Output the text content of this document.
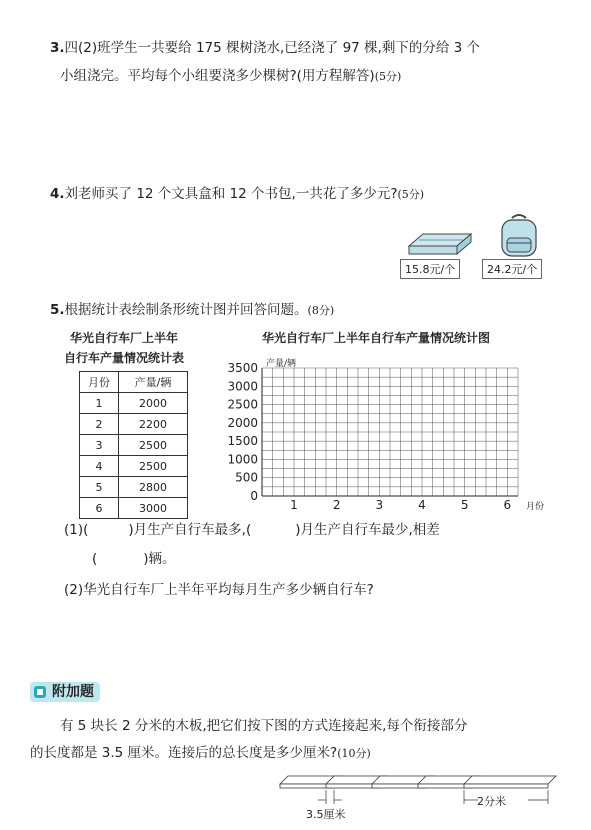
3.四(2)班学生一共要给 175 棵树浇水,已经浇了 97 棵,剩下的分给 3 个
小组浇完。平均每个小组要浇多少棵树?(用方程解答)(5分)
4.刘老师买了 12 个文具盒和 12 个书包,一共花了多少元?(5分)
15.8元/个	24.2元/个
5.根据统计表绘制条形统计图并回答问题。(8分)
华光自行车厂上半年
自行车产量情况统计表
月份	产量/辆
1	2000
2	2200
3	2500
4	2500
5	2800
6	3000
华光自行车厂上半年自行车产量情况统计图
0
500
1000
1500
2000
2500
3000
3500
1	2	3	4	5	6
产量/辆
月份
(1)(	)月生产自行车最多,(	)月生产自行车最少,相差
(	)辆。
(2)华光自行车厂上半年平均每月生产多少辆自行车?
附加题
有 5 块长 2 分米的木板,把它们按下图的方式连接起来,每个衔接部分
的长度都是 3.5 厘米。连接后的总长度是多少厘米?(10分)
3.5厘米
2分米
